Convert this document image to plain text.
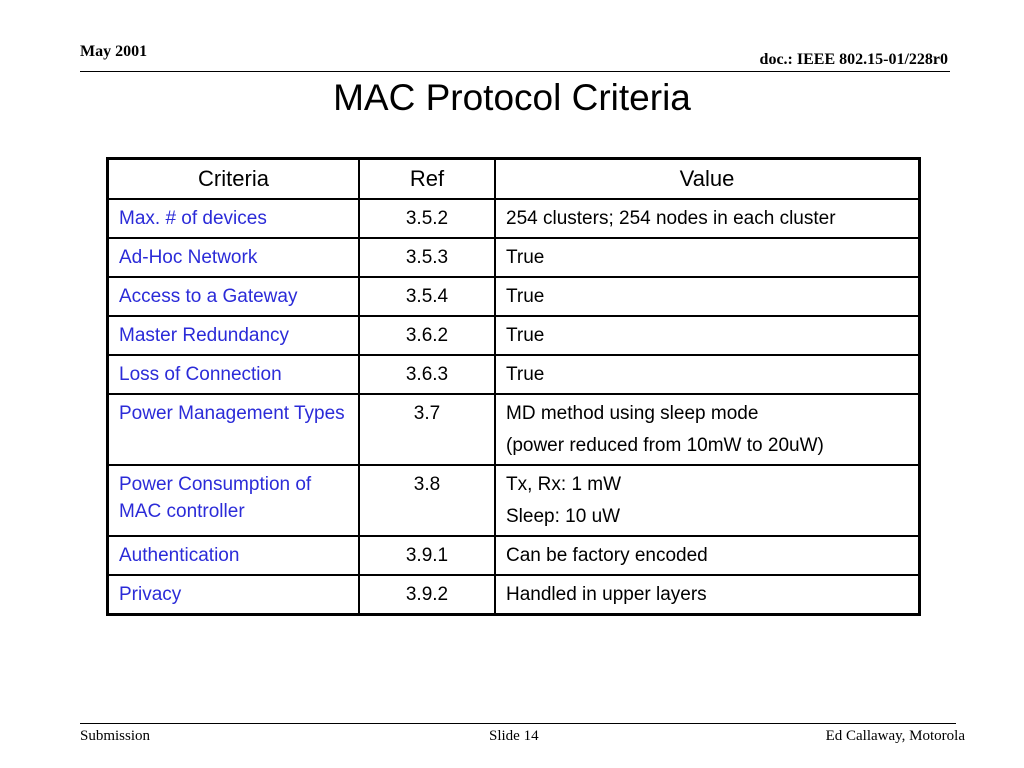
May 2001	doc.: IEEE 802.15-01/228r0
MAC Protocol Criteria
Criteria	Ref	Value
Max. # of devices	3.5.2	254 clusters; 254 nodes in each cluster

Ad-Hoc Network	3.5.3	True

Access to a Gateway	3.5.4	True

Master Redundancy	3.6.2	True

Loss of Connection	3.6.3	True

Power Management Types	3.7	MD method using sleep mode
(power reduced from 10mW to 20uW)

Power Consumption of MAC controller	3.8	Tx, Rx: 1 mW
Sleep: 10 uW

Authentication	3.9.1	Can be factory encoded

Privacy	3.9.2	Handled in upper layers
Submission	Slide 14	Ed Callaway, Motorola
